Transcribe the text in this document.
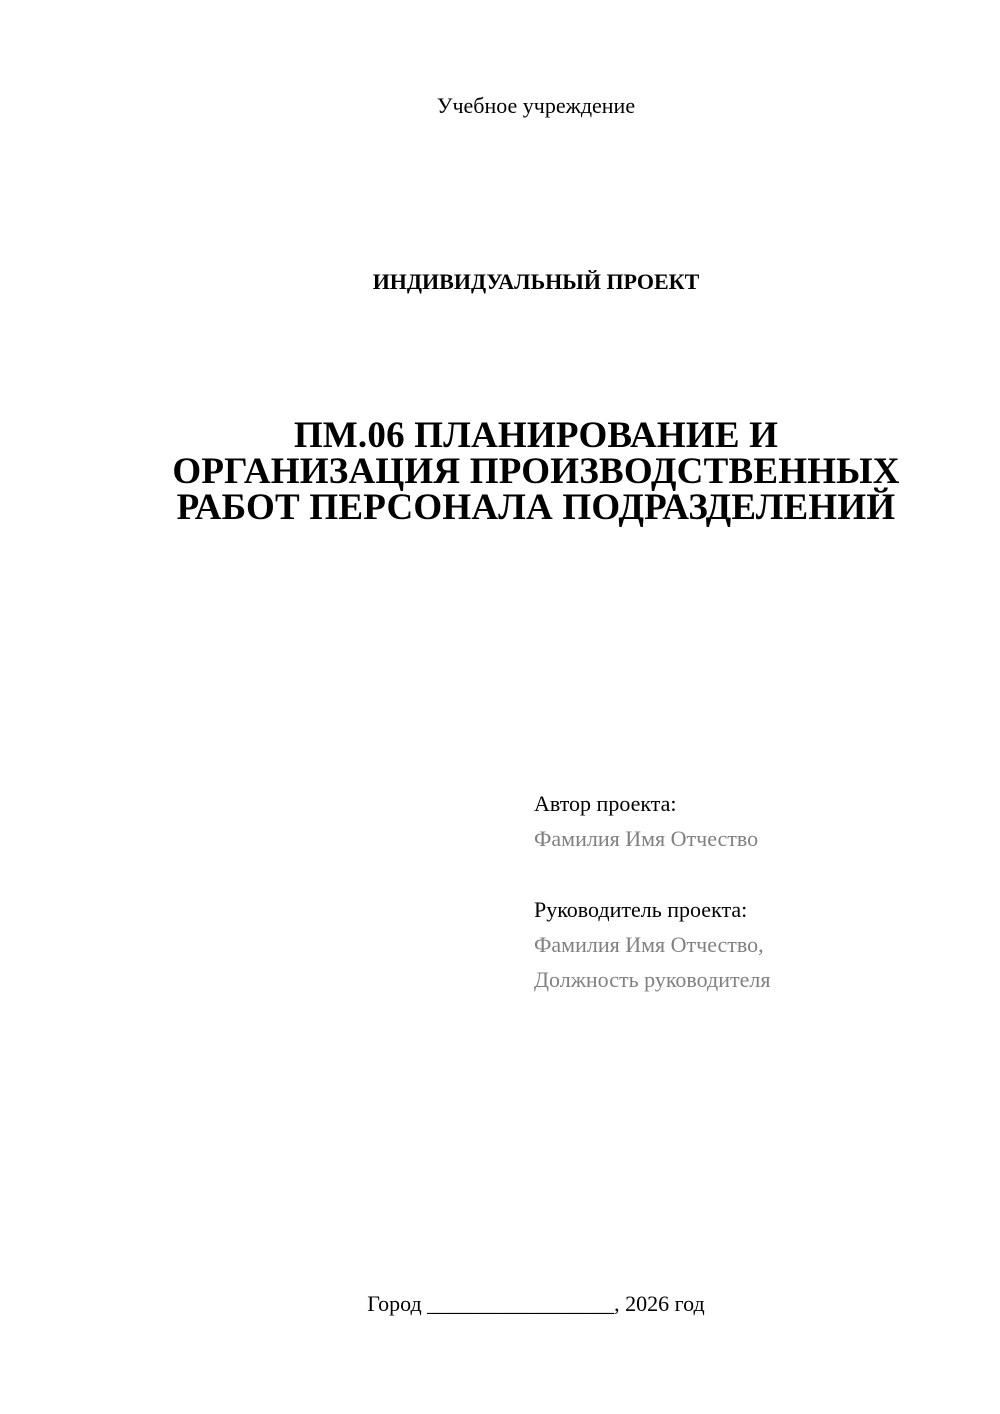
Учебное учреждение
ИНДИВИДУАЛЬНЫЙ ПРОЕКТ
ПМ.06 ПЛАНИРОВАНИЕ И
ОРГАНИЗАЦИЯ ПРОИЗВОДСТВЕННЫХ
РАБОТ ПЕРСОНАЛА ПОДРАЗДЕЛЕНИЙ
Автор проекта:
Фамилия Имя Отчество
Руководитель проекта:
Фамилия Имя Отчество,
Должность руководителя
Город _________________, 2026 год
